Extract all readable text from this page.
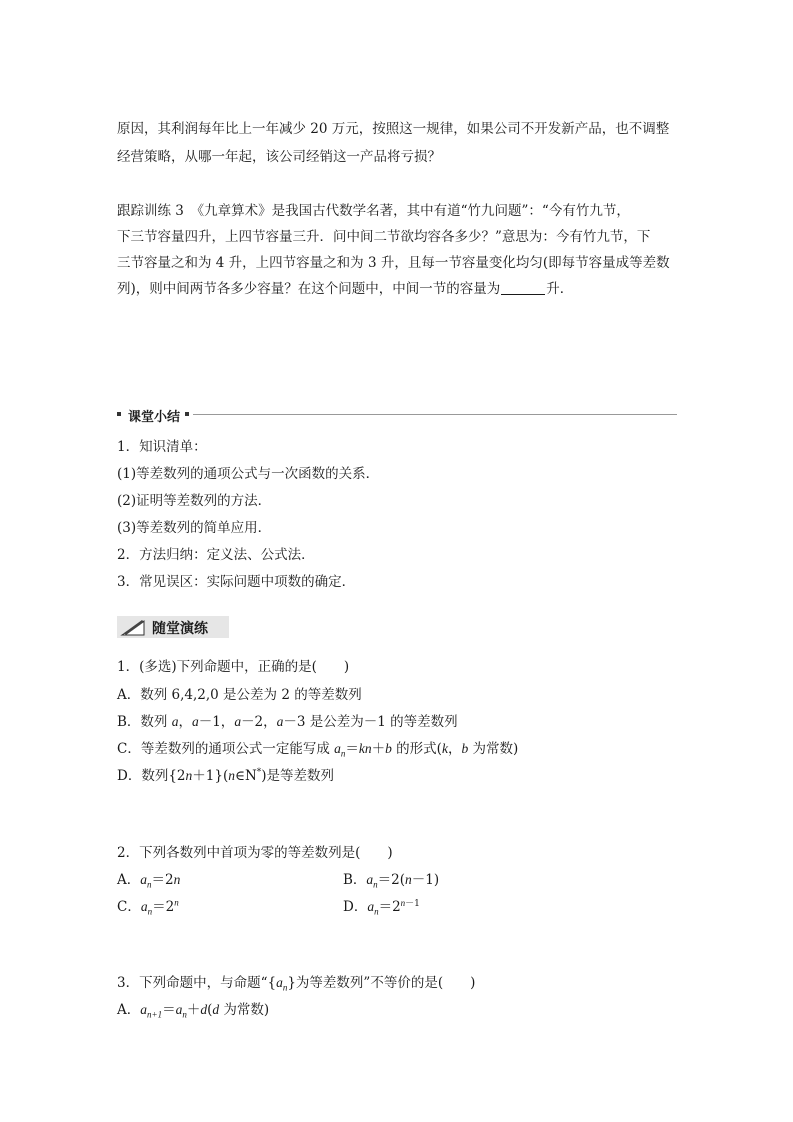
原因，其利润每年比上一年减少 20 万元，按照这一规律，如果公司不开发新产品，也不调整
经营策略，从哪一年起，该公司经销这一产品将亏损？
跟踪训练 3　《九章算术》是我国古代数学名著，其中有道“竹九问题”：“今有竹九节，
下三节容量四升，上四节容量三升．问中间二节欲均容各多少？”意思为：今有竹九节，下
三节容量之和为 4 升，上四节容量之和为 3 升，且每一节容量变化均匀(即每节容量成等差数
列)，则中间两节各多少容量？在这个问题中，中间一节的容量为	升．
课堂小结
1．知识清单：
(1)等差数列的通项公式与一次函数的关系．
(2)证明等差数列的方法．
(3)等差数列的简单应用．
2．方法归纳：定义法、公式法．
3．常见误区：实际问题中项数的确定．
随堂演练
1．(多选)下列命题中，正确的是(　　)
A．数列 6,4,2,0 是公差为 2 的等差数列
B．数列 a，a－1，a－2，a－3 是公差为－1 的等差数列
C．等差数列的通项公式一定能写成 $a_n=kn+b$ 的形式(k，b 为常数)
D．数列{2n＋1}(n∈N*)是等差数列
2．下列各数列中首项为零的等差数列是(　　)
A．$a_n=2n$	B．$a_n=2(n-1)$
C．$a_n=2^n$	D．$a_n=2^{n-1}$
3．下列命题中，与命题“$\{a_n\}$为等差数列”不等价的是(　　)
A．$a_{n+1}=a_n+d(d$ 为常数)
